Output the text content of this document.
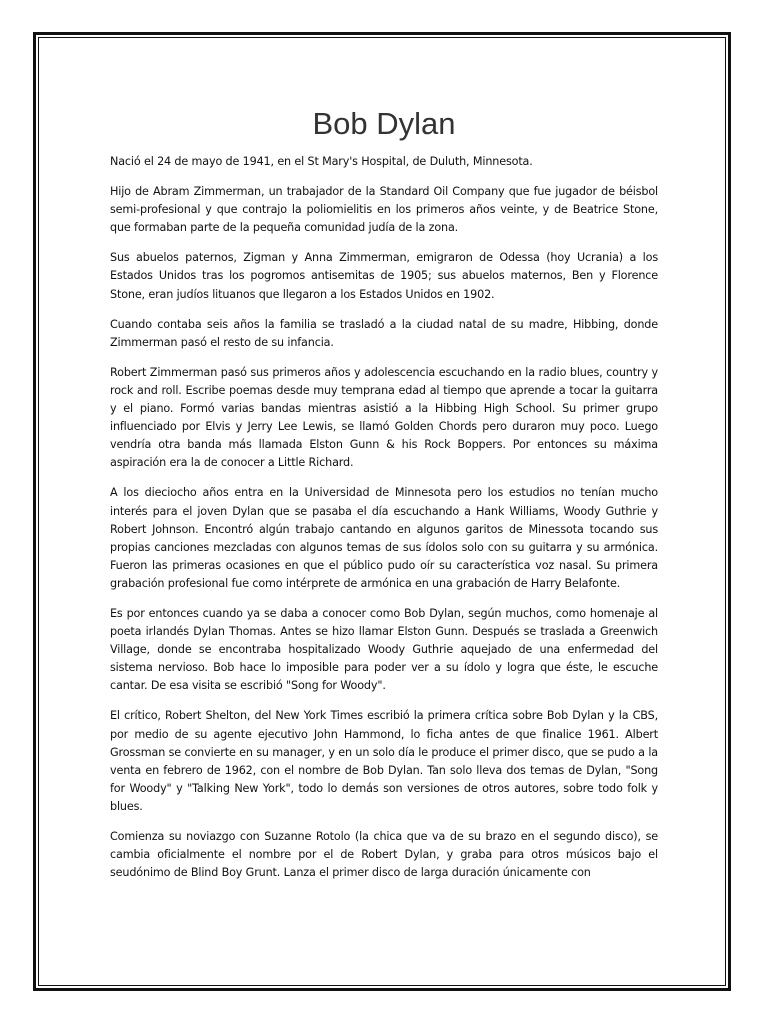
Bob Dylan

Nació el 24 de mayo de 1941, en el St Mary's Hospital, de Duluth, Minnesota.

Hijo de Abram Zimmerman, un trabajador de la Standard Oil Company que fue jugador de béisbol semi-profesional y que contrajo la poliomielitis en los primeros años veinte, y de Beatrice Stone, que formaban parte de la pequeña comunidad judía de la zona.

Sus abuelos paternos, Zigman y Anna Zimmerman, emigraron de Odessa (hoy Ucrania) a los Estados Unidos tras los pogromos antisemitas de 1905; sus abuelos maternos, Ben y Florence Stone, eran judíos lituanos que llegaron a los Estados Unidos en 1902.

Cuando contaba seis años la familia se trasladó a la ciudad natal de su madre, Hibbing, donde Zimmerman pasó el resto de su infancia.

Robert Zimmerman pasó sus primeros años y adolescencia escuchando en la radio blues, country y rock and roll. Escribe poemas desde muy temprana edad al tiempo que aprende a tocar la guitarra y el piano. Formó varias bandas mientras asistió a la Hibbing High School. Su primer grupo influenciado por Elvis y Jerry Lee Lewis, se llamó Golden Chords pero duraron muy poco. Luego vendría otra banda más llamada Elston Gunn & his Rock Boppers. Por entonces su máxima aspiración era la de conocer a Little Richard.

A los dieciocho años entra en la Universidad de Minnesota pero los estudios no tenían mucho interés para el joven Dylan que se pasaba el día escuchando a Hank Williams, Woody Guthrie y Robert Johnson. Encontró algún trabajo cantando en algunos garitos de Minessota tocando sus propias canciones mezcladas con algunos temas de sus ídolos solo con su guitarra y su armónica. Fueron las primeras ocasiones en que el público pudo oír su característica voz nasal. Su primera grabación profesional fue como intérprete de armónica en una grabación de Harry Belafonte.

Es por entonces cuando ya se daba a conocer como Bob Dylan, según muchos, como homenaje al poeta irlandés Dylan Thomas. Antes se hizo llamar Elston Gunn. Después se traslada a Greenwich Village, donde se encontraba hospitalizado Woody Guthrie aquejado de una enfermedad del sistema nervioso. Bob hace lo imposible para poder ver a su ídolo y logra que éste, le escuche cantar. De esa visita se escribió "Song for Woody".

El crítico, Robert Shelton, del New York Times escribió la primera crítica sobre Bob Dylan y la CBS, por medio de su agente ejecutivo John Hammond, lo ficha antes de que finalice 1961. Albert Grossman se convierte en su manager, y en un solo día le produce el primer disco, que se pudo a la venta en febrero de 1962, con el nombre de Bob Dylan. Tan solo lleva dos temas de Dylan, "Song for Woody" y "Talking New York", todo lo demás son versiones de otros autores, sobre todo folk y blues.

Comienza su noviazgo con Suzanne Rotolo (la chica que va de su brazo en el segundo disco), se cambia oficialmente el nombre por el de Robert Dylan, y graba para otros músicos bajo el seudónimo de Blind Boy Grunt. Lanza el primer disco de larga duración únicamente con
